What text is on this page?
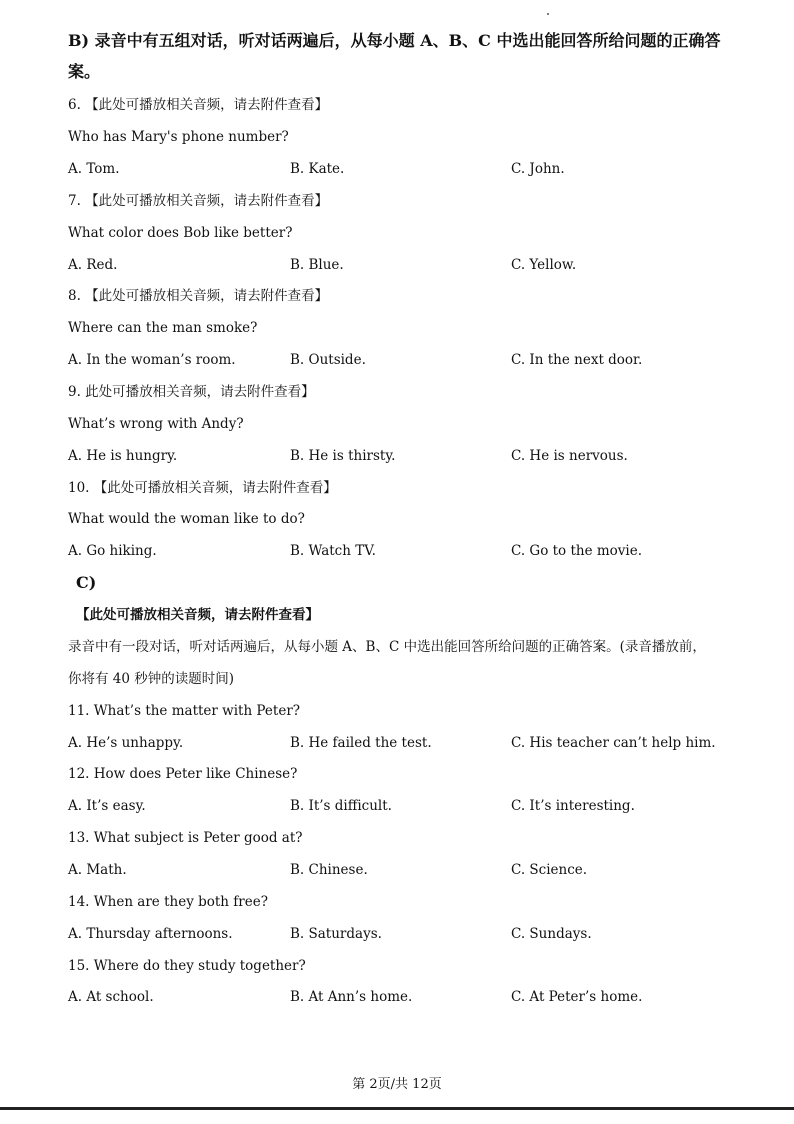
B) 录音中有五组对话，听对话两遍后，从每小题 A、B、C 中选出能回答所给问题的正确答
案。
6. 【此处可播放相关音频，请去附件查看】
Who has Mary's phone number?
A. Tom.	B. Kate.	C. John.
7. 【此处可播放相关音频，请去附件查看】
What color does Bob like better?
A. Red.	B. Blue.	C. Yellow.
8. 【此处可播放相关音频，请去附件查看】
Where can the man smoke?
A. In the woman’s room.	B. Outside.	C. In the next door.
9. 此处可播放相关音频，请去附件查看】
What’s wrong with Andy?
A. He is hungry.	B. He is thirsty.	C. He is nervous.
10. 【此处可播放相关音频，请去附件查看】
What would the woman like to do?
A. Go hiking.	B. Watch TV.	C. Go to the movie.
C)
【此处可播放相关音频，请去附件查看】
录音中有一段对话，听对话两遍后，从每小题 A、B、C 中选出能回答所给问题的正确答案。(录音播放前，
你将有 40 秒钟的读题时间)
11. What’s the matter with Peter?
A. He’s unhappy.	B. He failed the test.	C. His teacher can’t help him.
12. How does Peter like Chinese?
A. It’s easy.	B. It’s difficult.	C. It’s interesting.
13. What subject is Peter good at?
A. Math.	B. Chinese.	C. Science.
14. When are they both free?
A. Thursday afternoons.	B. Saturdays.	C. Sundays.
15. Where do they study together?
A. At school.	B. At Ann’s home.	C. At Peter’s home.
第 2页/共 12页
